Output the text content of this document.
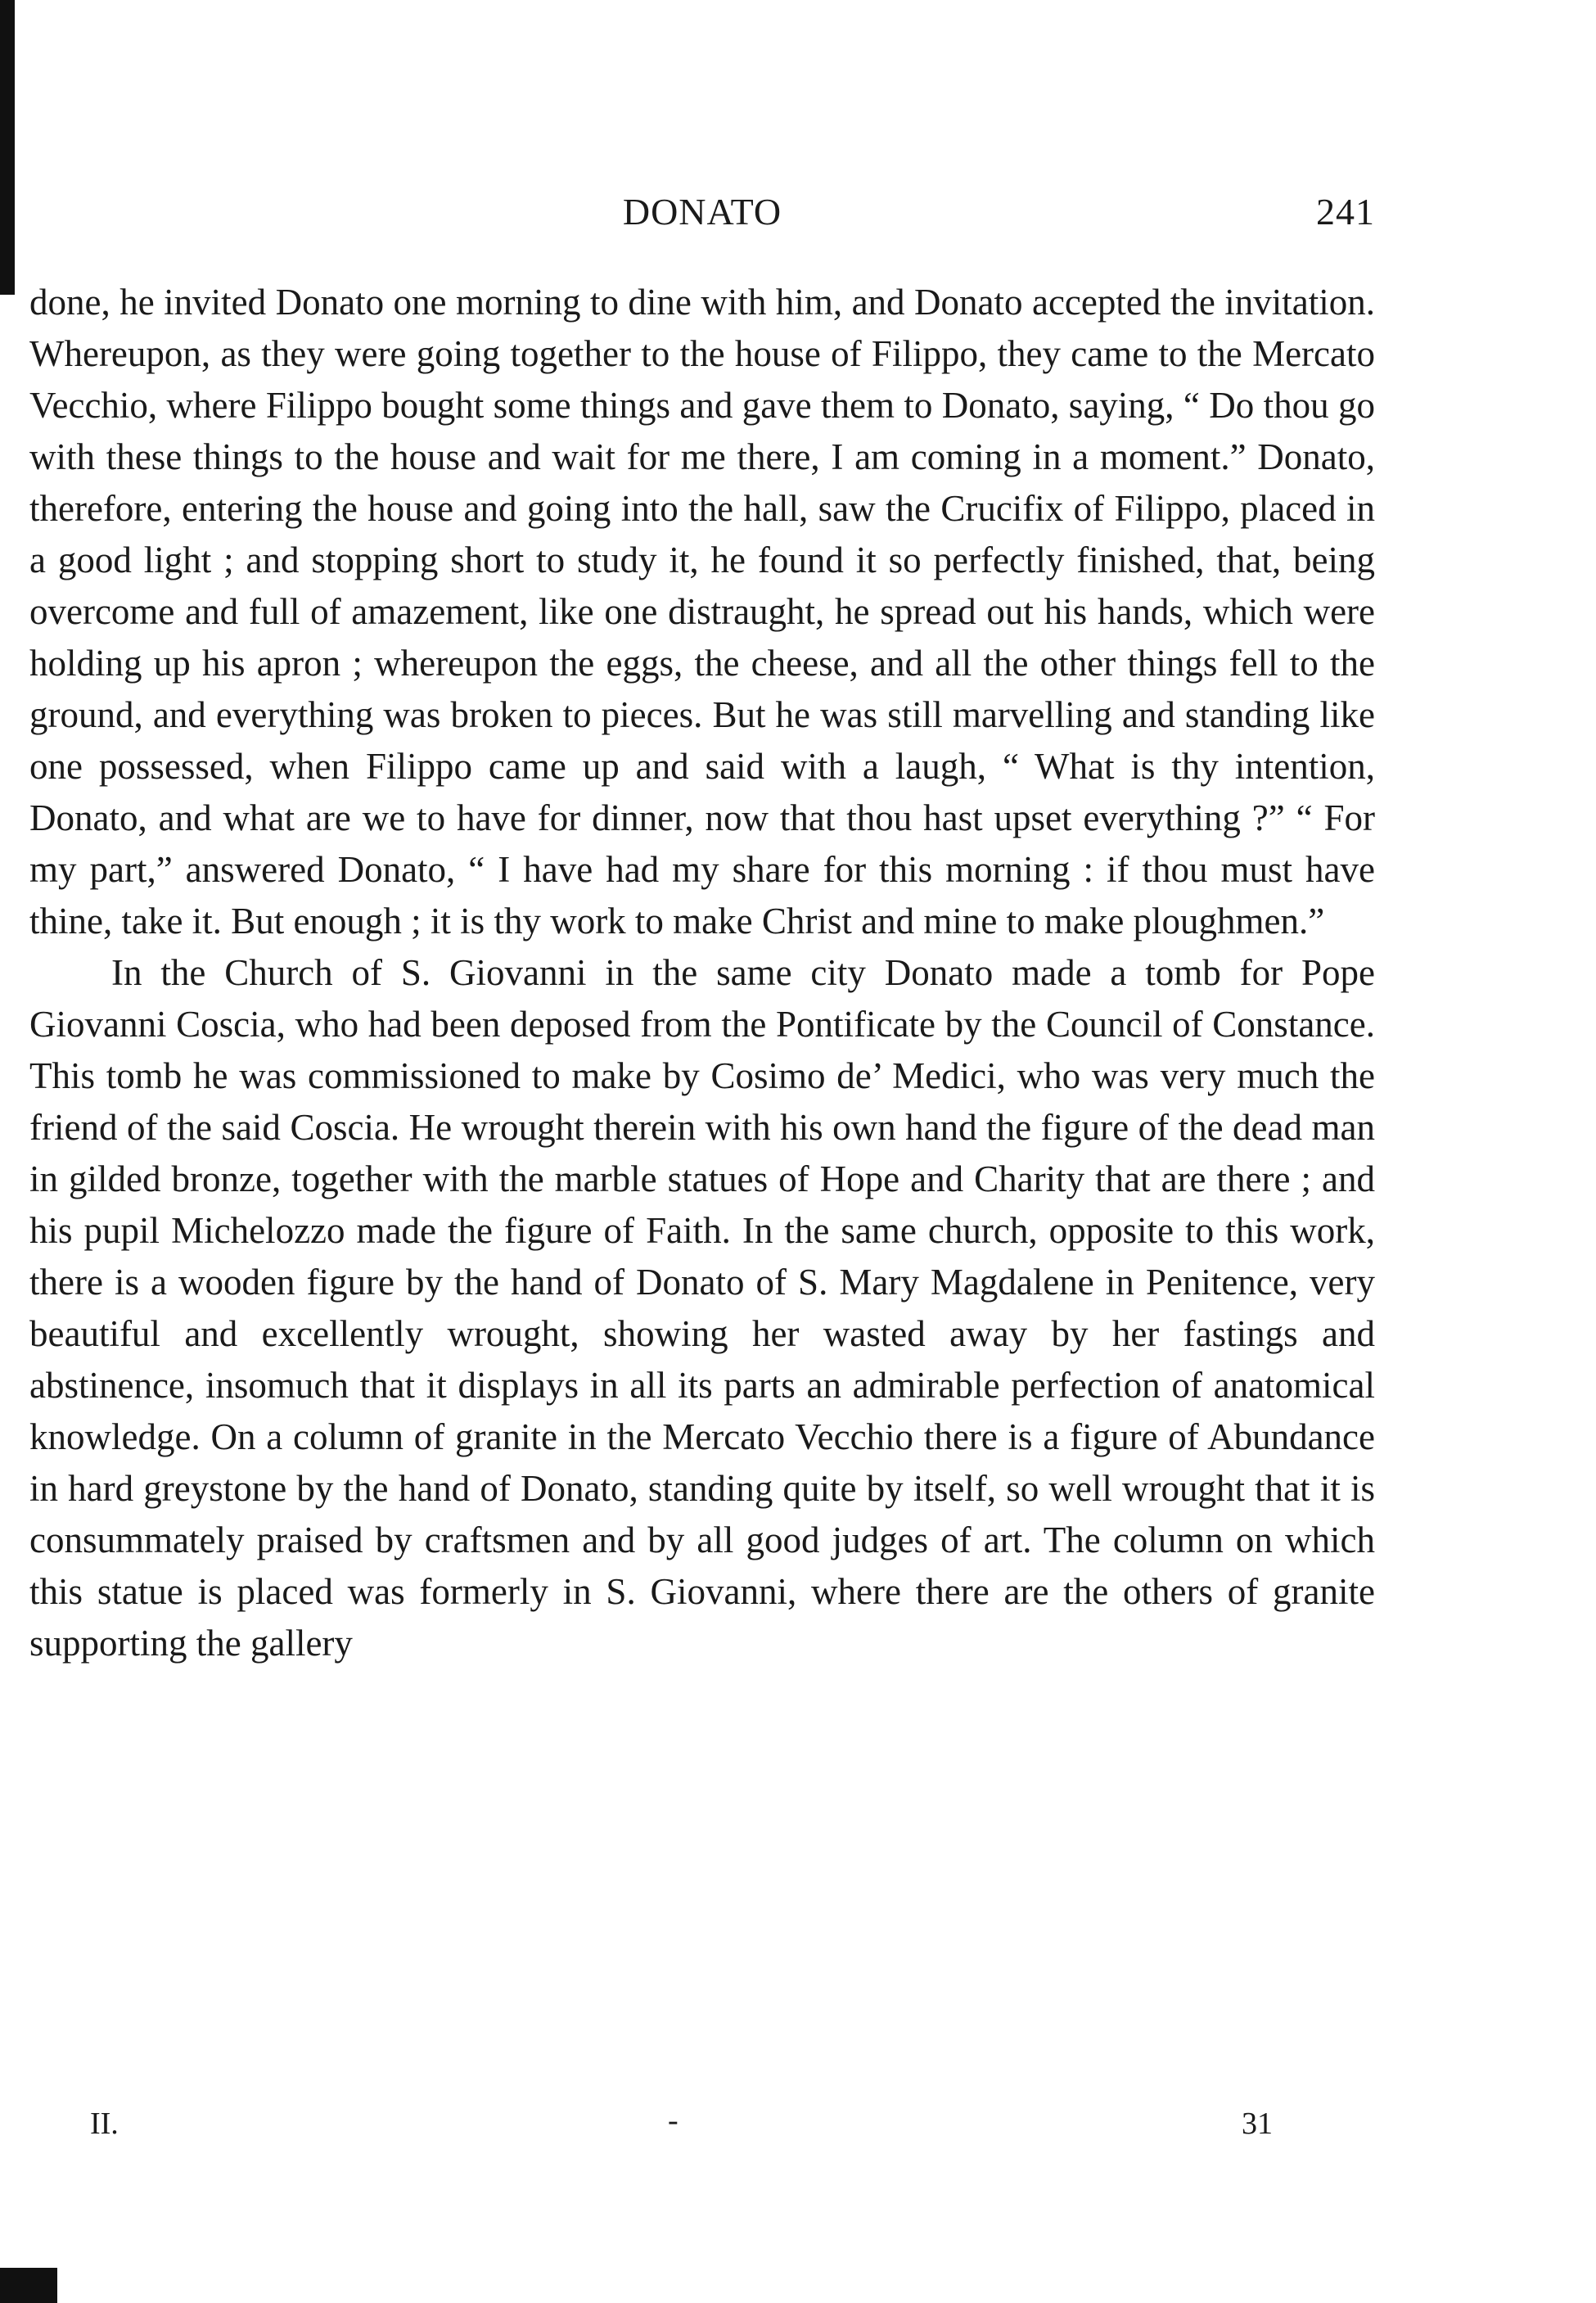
DONATO	241

done, he invited Donato one morning to dine with him, and Donato accepted the invitation. Whereupon, as they were going together to the house of Filippo, they came to the Mercato Vecchio, where Filippo bought some things and gave them to Donato, saying, “ Do thou go with these things to the house and wait for me there, I am coming in a moment.” Donato, therefore, entering the house and going into the hall, saw the Crucifix of Filippo, placed in a good light ; and stopping short to study it, he found it so perfectly finished, that, being overcome and full of amazement, like one distraught, he spread out his hands, which were holding up his apron ; whereupon the eggs, the cheese, and all the other things fell to the ground, and everything was broken to pieces. But he was still marvelling and standing like one possessed, when Filippo came up and said with a laugh, “ What is thy intention, Donato, and what are we to have for dinner, now that thou hast upset everything ?” “ For my part,” answered Donato, “ I have had my share for this morning : if thou must have thine, take it. But enough ; it is thy work to make Christ and mine to make ploughmen.”

In the Church of S. Giovanni in the same city Donato made a tomb for Pope Giovanni Coscia, who had been deposed from the Pontificate by the Council of Constance. This tomb he was commissioned to make by Cosimo de’ Medici, who was very much the friend of the said Coscia. He wrought therein with his own hand the figure of the dead man in gilded bronze, together with the marble statues of Hope and Charity that are there ; and his pupil Michelozzo made the figure of Faith. In the same church, opposite to this work, there is a wooden figure by the hand of Donato of S. Mary Magdalene in Penitence, very beautiful and excellently wrought, showing her wasted away by her fastings and abstinence, insomuch that it displays in all its parts an admirable perfection of anatomical knowledge. On a column of granite in the Mercato Vecchio there is a figure of Abundance in hard greystone by the hand of Donato, standing quite by itself, so well wrought that it is consummately praised by craftsmen and by all good judges of art. The column on which this statue is placed was formerly in S. Giovanni, where there are the others of granite supporting the gallery

II.	-	31
